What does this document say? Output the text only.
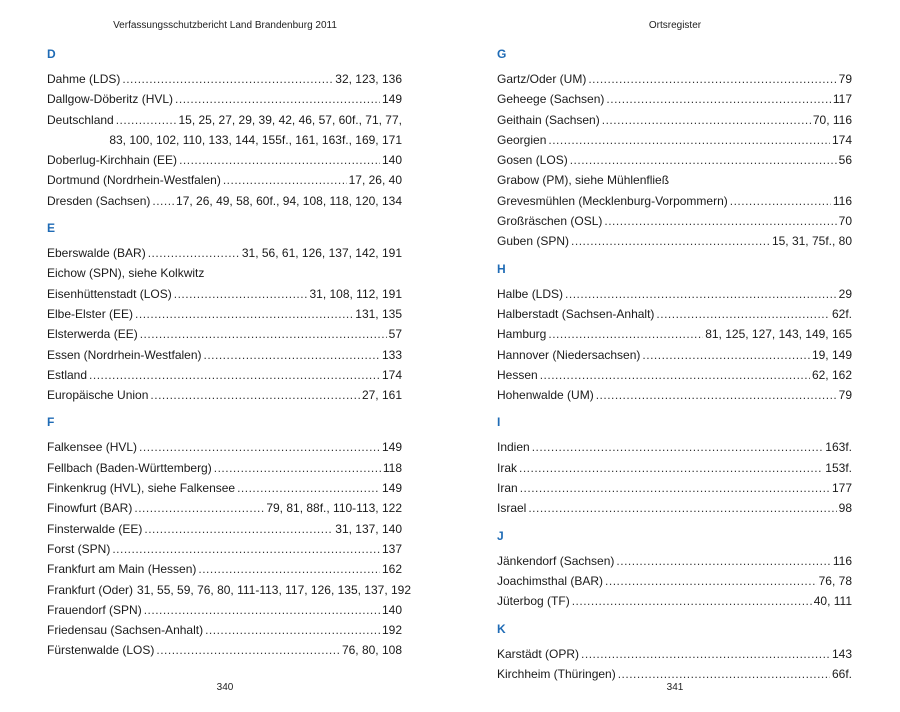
Verfassungsschutzbericht Land Brandenburg 2011
D
Dahme (LDS) .....	32, 123, 136
Dallgow-Döberitz (HVL) .....	149
Deutschland .....	15, 25, 27, 29, 39, 42, 46, 57, 60f., 71, 77,
83, 100, 102, 110, 133, 144, 155f., 161, 163f., 169, 171
Doberlug-Kirchhain (EE) .....	140
Dortmund (Nordrhein-Westfalen) .....	17, 26, 40
Dresden (Sachsen) ..... 17, 26, 49, 58, 60f., 94, 108, 118, 120, 134
E
Eberswalde (BAR) .....	31, 56, 61, 126, 137, 142, 191
Eichow (SPN), siehe Kolkwitz
Eisenhüttenstadt (LOS) .....	31, 108, 112, 191
Elbe-Elster (EE) .....	131, 135
Elsterwerda (EE) .....	57
Essen (Nordrhein-Westfalen) .....	133
Estland .....	174
Europäische Union .....	27, 161
F
Falkensee (HVL) .....	149
Fellbach (Baden-Württemberg) .....	118
Finkenkrug (HVL), siehe Falkensee .....	149
Finowfurt (BAR) .....	79, 81, 88f., 110-113, 122
Finsterwalde (EE) .....	31, 137, 140
Forst (SPN) .....	137
Frankfurt am Main (Hessen) .....	162
Frankfurt (Oder) 31, 55, 59, 76, 80, 111-113, 117, 126, 135, 137, 192
Frauendorf (SPN) .....	140
Friedensau (Sachsen-Anhalt) .....	192
Fürstenwalde (LOS) .....	76, 80, 108
340
Ortsregister
G
Gartz/Oder (UM) .....	79
Geheege (Sachsen) .....	117
Geithain (Sachsen) .....	70, 116
Georgien .....	174
Gosen (LOS) .....	56
Grabow (PM), siehe Mühlenfließ
Grevesmühlen (Mecklenburg-Vorpommern) .....	116
Großräschen (OSL) .....	70
Guben (SPN) .....	15, 31, 75f., 80
H
Halbe (LDS) .....	29
Halberstadt (Sachsen-Anhalt) .....	62f.
Hamburg .....	81, 125, 127, 143, 149, 165
Hannover (Niedersachsen) .....	19, 149
Hessen .....	62, 162
Hohenwalde (UM) .....	79
I
Indien .....	163f.
Irak .....	153f.
Iran .....	177
Israel .....	98
J
Jänkendorf (Sachsen) .....	116
Joachimsthal (BAR) .....	76, 78
Jüterbog (TF) .....	40, 111
K
Karstädt (OPR) .....	143
Kirchheim (Thüringen) .....	66f.
341
